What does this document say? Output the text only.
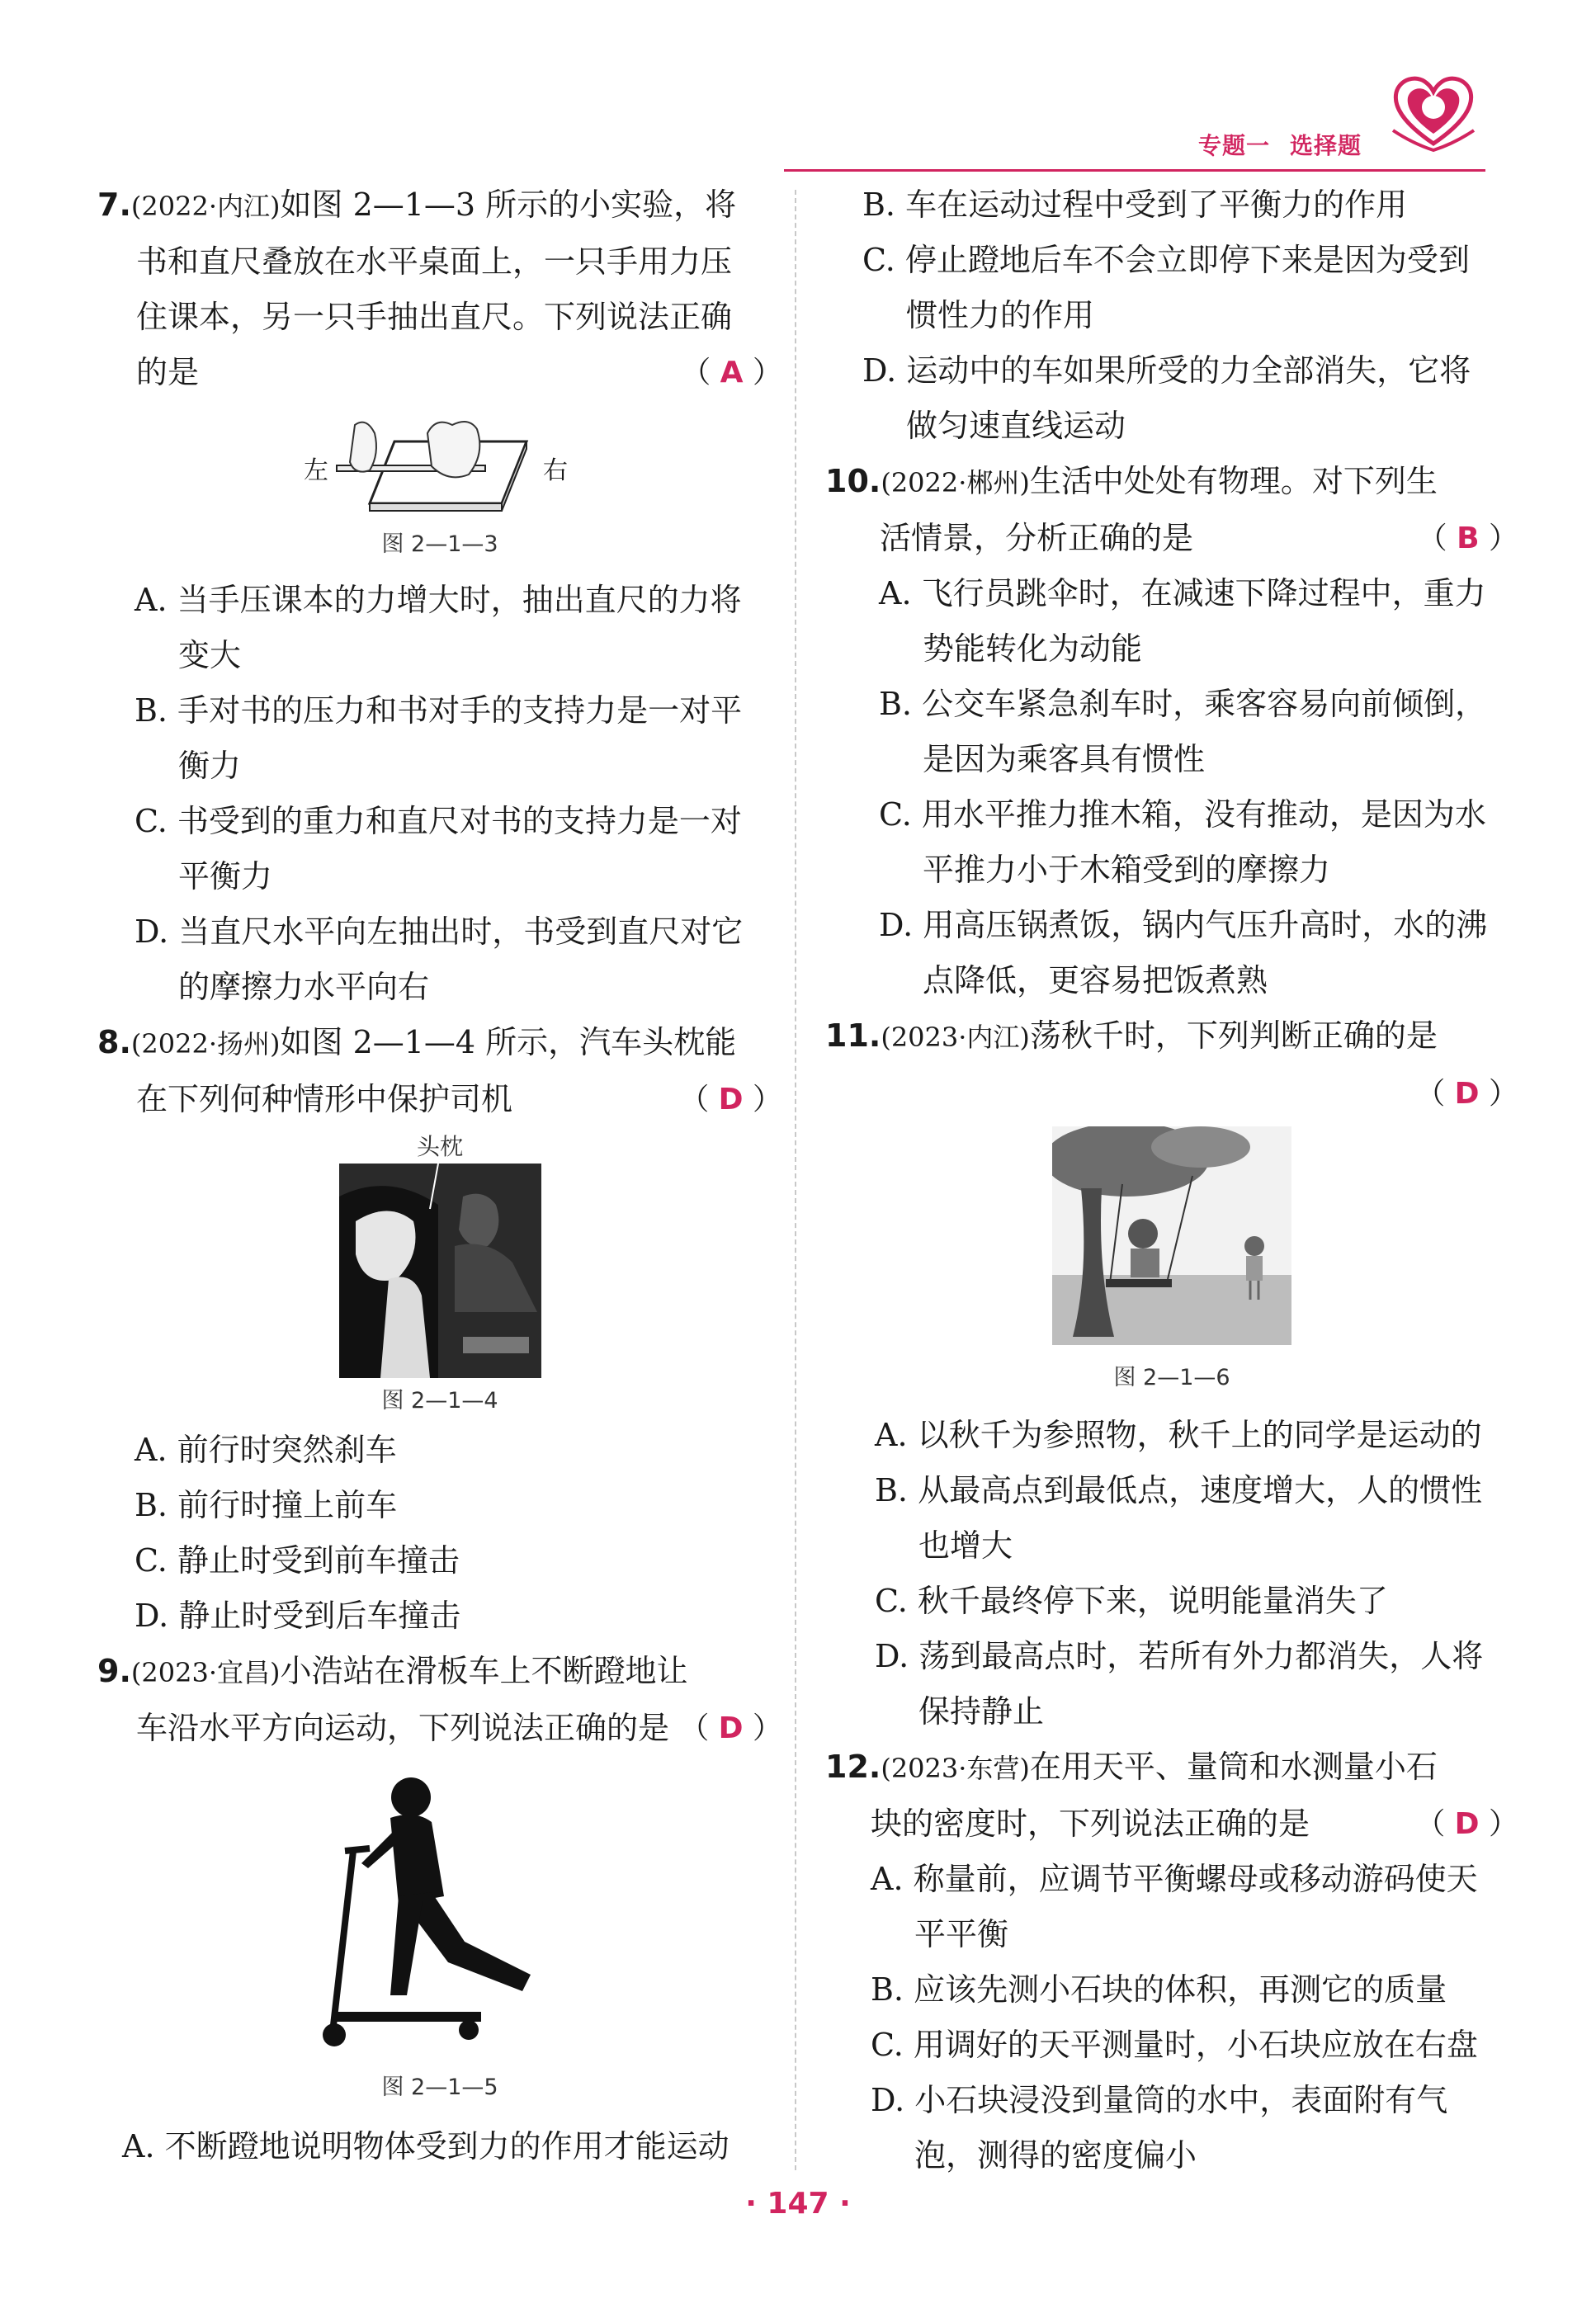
专题一 选择题

7.(2022·内江)如图 2—1—3 所示的小实验，将

书和直尺叠放在水平桌面上，一只手用力压

住课本，另一只手抽出直尺。下列说法正确

的是	（ A ）

左	右
图 2—1—3

A. 当手压课本的力增大时，抽出直尺的力将

变大

B. 手对书的压力和书对手的支持力是一对平

衡力

C. 书受到的重力和直尺对书的支持力是一对

平衡力

D. 当直尺水平向左抽出时，书受到直尺对它

的摩擦力水平向右

8.(2022·扬州)如图 2—1—4 所示，汽车头枕能

在下列何种情形中保护司机	（ D ）

头枕
图 2—1—4

A. 前行时突然刹车

B. 前行时撞上前车

C. 静止时受到前车撞击

D. 静止时受到后车撞击

9.(2023·宜昌)小浩站在滑板车上不断蹬地让

车沿水平方向运动，下列说法正确的是 （ D ）

图 2—1—5

A. 不断蹬地说明物体受到力的作用才能运动

B. 车在运动过程中受到了平衡力的作用

C. 停止蹬地后车不会立即停下来是因为受到

惯性力的作用

D. 运动中的车如果所受的力全部消失，它将

做匀速直线运动

10.(2022·郴州)生活中处处有物理。对下列生

活情景，分析正确的是	（ B ）

A. 飞行员跳伞时，在减速下降过程中，重力

势能转化为动能

B. 公交车紧急刹车时，乘客容易向前倾倒，

是因为乘客具有惯性

C. 用水平推力推木箱，没有推动，是因为水

平推力小于木箱受到的摩擦力

D. 用高压锅煮饭，锅内气压升高时，水的沸

点降低，更容易把饭煮熟

11.(2023·内江)荡秋千时，下列判断正确的是

（ D ）

图 2—1—6

A. 以秋千为参照物，秋千上的同学是运动的

B. 从最高点到最低点，速度增大，人的惯性

也增大

C. 秋千最终停下来，说明能量消失了

D. 荡到最高点时，若所有外力都消失，人将

保持静止

12.(2023·东营)在用天平、量筒和水测量小石

块的密度时，下列说法正确的是	（ D ）

A. 称量前，应调节平衡螺母或移动游码使天

平平衡

B. 应该先测小石块的体积，再测它的质量

C. 用调好的天平测量时，小石块应放在右盘

D. 小石块浸没到量筒的水中，表面附有气

泡，测得的密度偏小

· 147 ·
